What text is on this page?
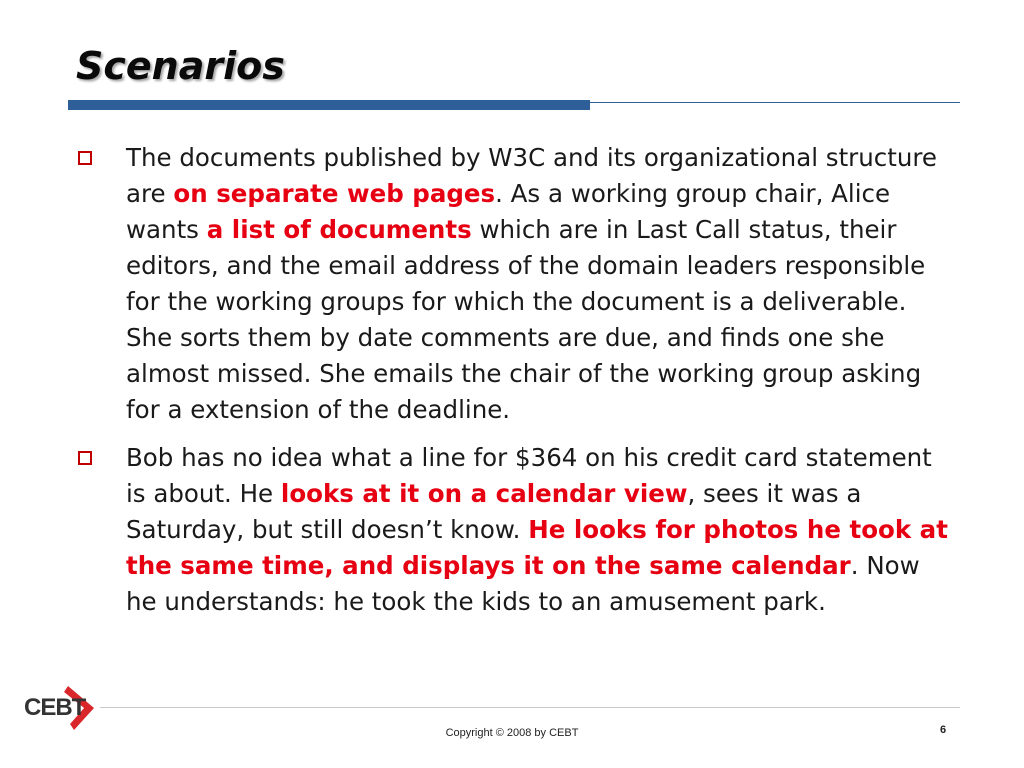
Scenarios
The documents published by W3C and its organizational structure are on separate web pages. As a working group chair, Alice wants a list of documents which are in Last Call status, their editors, and the email address of the domain leaders responsible for the working groups for which the document is a deliverable. She sorts them by date comments are due, and finds one she almost missed. She emails the chair of the working group asking for a extension of the deadline.
Bob has no idea what a line for $364 on his credit card statement is about. He looks at it on a calendar view, sees it was a Saturday, but still doesn’t know. He looks for photos he took at the same time, and displays it on the same calendar. Now he understands: he took the kids to an amusement park.
CEBT
Copyright © 2008 by CEBT	6
